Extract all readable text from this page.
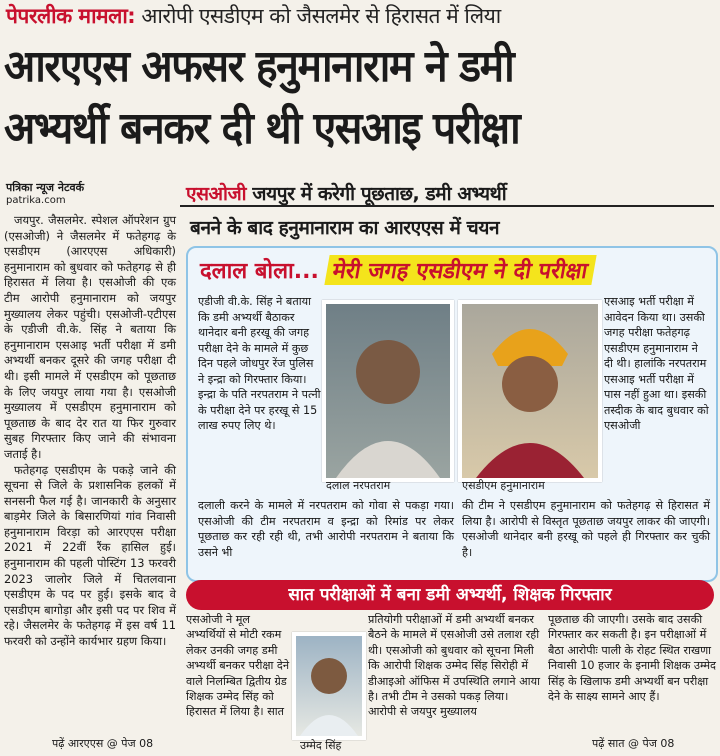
पेपरलीक मामला: आरोपी एसडीएम को जैसलमेर से हिरासत में लिया
आरएएस अफसर हनुमानाराम ने डमी
अभ्यर्थी बनकर दी थी एसआइ परीक्षा
पत्रिका न्यूज नेटवर्क
patrika.com	एसओजी जयपुर में करेगी पूछताछ, डमी अभ्यर्थी
बनने के बाद हनुमानाराम का आरएएस में चयन

जयपुर. जैसलमेर. स्पेशल ऑपरेशन ग्रुप (एसओजी) ने जैसलमेर में फतेहगढ़ के एसडीएम (आरएएस अधिकारी) हनुमानाराम को बुधवार को फतेहगढ़ से ही हिरासत में लिया है। एसओजी की एक टीम आरोपी हनुमानाराम को जयपुर मुख्यालय लेकर पहुंची। एसओजी-एटीएस के एडीजी वी.के. सिंह ने बताया कि हनुमानाराम एसआइ भर्ती परीक्षा में डमी अभ्यर्थी बनकर दूसरे की जगह परीक्षा दी थी। इसी मामले में एसडीएम को पूछताछ के लिए जयपुर लाया गया है। एसओजी मुख्यालय में एसडीएम हनुमानाराम को पूछताछ के बाद देर रात या फिर गुरुवार सुबह गिरफ्तार किए जाने की संभावना जताई है।

फतेहगढ़ एसडीएम के पकड़े जाने की सूचना से जिले के प्रशासनिक हलकों में सनसनी फैल गई है। जानकारी के अनुसार बाड़मेर जिले के बिसारणियां गांव निवासी हनुमानाराम विरड़ा को आरएएस परीक्षा 2021 में 22वीं रैंक हासिल हुई। हनुमानाराम की पहली पोस्टिंग 13 फरवरी 2023 जालोर जिले में चितलवाना एसडीएम के पद पर हुई। इसके बाद वे एसडीएम बागोड़ा और इसी पद पर शिव में रहे। जैसलमेर के फतेहगढ़ में इस वर्ष 11 फरवरी को उन्होंने कार्यभार ग्रहण किया।

पढ़ें आरएएस @ पेज 08
दलाल बोला... मेरी जगह एसडीएम ने दी परीक्षा
एडीजी वी.के. सिंह ने बताया कि डमी अभ्यर्थी बैठाकर थानेदार बनी हरखू की जगह परीक्षा देने के मामले में कुछ दिन पहले जोधपुर रेंज पुलिस ने इन्द्रा को गिरफ्तार किया। इन्द्रा के पति नरपतराम ने पत्नी के परीक्षा देने पर हरखू से 15 लाख रुपए लिए थे।
दलाल नरपतराम	एसडीएम हनुमानाराम
एसआइ भर्ती परीक्षा में आवेदन किया था। उसकी जगह परीक्षा फतेहगढ़ एसडीएम हनुमानाराम ने दी थी। हालांकि नरपतराम एसआइ भर्ती परीक्षा में पास नहीं हुआ था। इसकी तस्दीक के बाद बुधवार को एसओजी
दलाली करने के मामले में नरपतराम को गोवा से पकड़ा गया। एसओजी की टीम नरपतराम व इन्द्रा को रिमांड पर लेकर पूछताछ कर रही रही थी, तभी आरोपी नरपतराम ने बताया कि उसने भी
की टीम ने एसडीएम हनुमानाराम को फतेहगढ़ से हिरासत में लिया है। आरोपी से विस्तृत पूछताछ जयपुर लाकर की जाएगी। एसओजी थानेदार बनी हरखू को पहले ही गिरफ्तार कर चुकी है।
सात परीक्षाओं में बना डमी अभ्यर्थी, शिक्षक गिरफ्तार
एसओजी ने मूल अभ्यर्थियों से मोटी रकम लेकर उनकी जगह डमी अभ्यर्थी बनकर परीक्षा देने वाले निलम्बित द्वितीय ग्रेड शिक्षक उम्मेद सिंह को हिरासत में लिया है। सात
उम्मेद सिंह
प्रतियोगी परीक्षाओं में डमी अभ्यर्थी बनकर बैठने के मामले में एसओजी उसे तलाश रही थी। एसओजी को बुधवार को सूचना मिली कि आरोपी शिक्षक उम्मेद सिंह सिरोही में डीआइओ ऑफिस में उपस्थिति लगाने आया है। तभी टीम ने उसको पकड़ लिया। आरोपी से जयपुर मुख्यालय
पूछताछ की जाएगी। उसके बाद उसकी गिरफ्तार कर सकती है। इन परीक्षाओं में बैठा आरोपीः पाली के रोहट स्थित राखणा निवासी 10 हजार के इनामी शिक्षक उम्मेद सिंह के खिलाफ डमी अभ्यर्थी बन परीक्षा देने के साक्ष्य सामने आए हैं।
पढ़ें सात @ पेज 08
